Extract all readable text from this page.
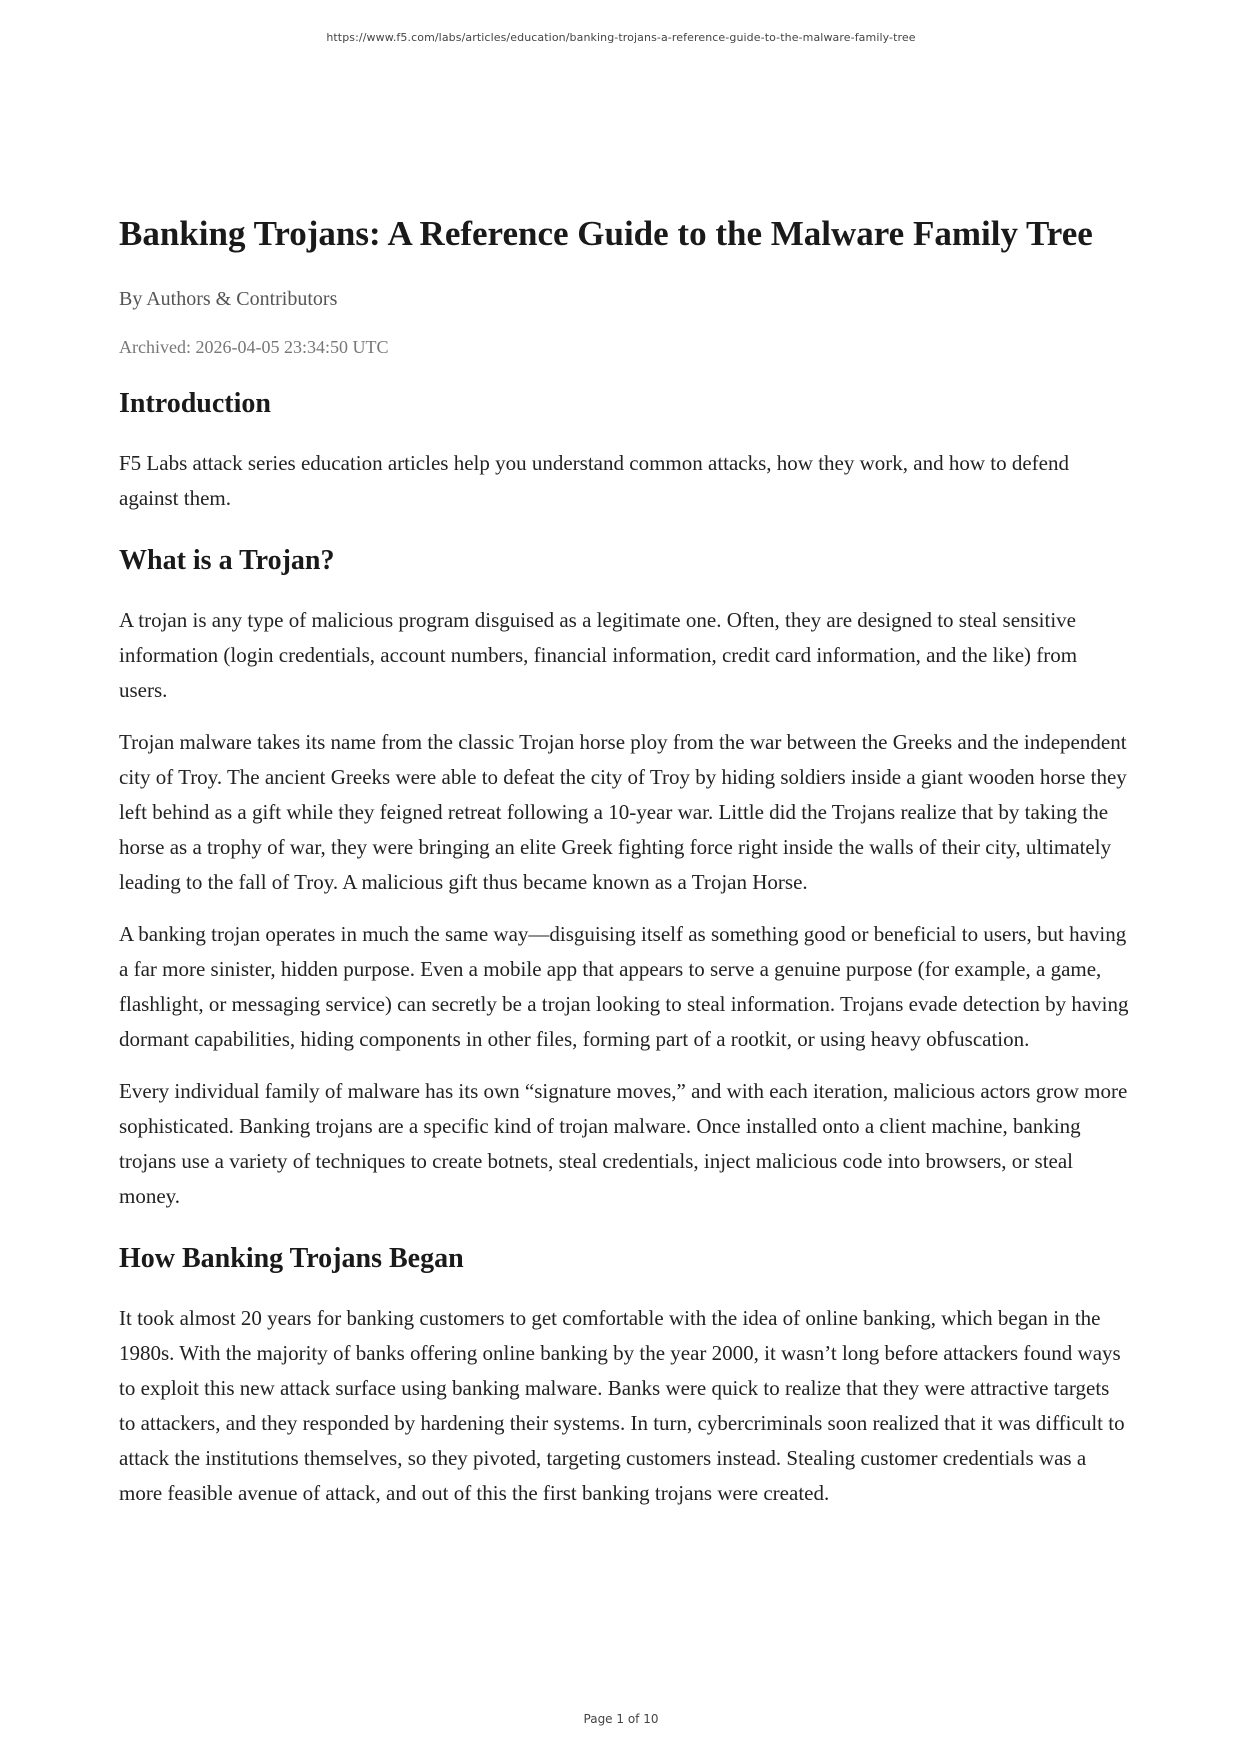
https://www.f5.com/labs/articles/education/banking-trojans-a-reference-guide-to-the-malware-family-tree
Banking Trojans: A Reference Guide to the Malware Family Tree
By Authors & Contributors
Archived: 2026-04-05 23:34:50 UTC
Introduction

F5 Labs attack series education articles help you understand common attacks, how they work, and how to defend against them.

What is a Trojan?

A trojan is any type of malicious program disguised as a legitimate one. Often, they are designed to steal sensitive information (login credentials, account numbers, financial information, credit card information, and the like) from users.

Trojan malware takes its name from the classic Trojan horse ploy from the war between the Greeks and the independent city of Troy. The ancient Greeks were able to defeat the city of Troy by hiding soldiers inside a giant wooden horse they left behind as a gift while they feigned retreat following a 10-year war. Little did the Trojans realize that by taking the horse as a trophy of war, they were bringing an elite Greek fighting force right inside the walls of their city, ultimately leading to the fall of Troy. A malicious gift thus became known as a Trojan Horse.

A banking trojan operates in much the same way—disguising itself as something good or beneficial to users, but having a far more sinister, hidden purpose. Even a mobile app that appears to serve a genuine purpose (for example, a game, flashlight, or messaging service) can secretly be a trojan looking to steal information. Trojans evade detection by having dormant capabilities, hiding components in other files, forming part of a rootkit, or using heavy obfuscation.

Every individual family of malware has its own “signature moves,” and with each iteration, malicious actors grow more sophisticated. Banking trojans are a specific kind of trojan malware. Once installed onto a client machine, banking trojans use a variety of techniques to create botnets, steal credentials, inject malicious code into browsers, or steal money.

How Banking Trojans Began

It took almost 20 years for banking customers to get comfortable with the idea of online banking, which began in the 1980s. With the majority of banks offering online banking by the year 2000, it wasn’t long before attackers found ways to exploit this new attack surface using banking malware. Banks were quick to realize that they were attractive targets to attackers, and they responded by hardening their systems. In turn, cybercriminals soon realized that it was difficult to attack the institutions themselves, so they pivoted, targeting customers instead. Stealing customer credentials was a more feasible avenue of attack, and out of this the first banking trojans were created.

Page 1 of 10
